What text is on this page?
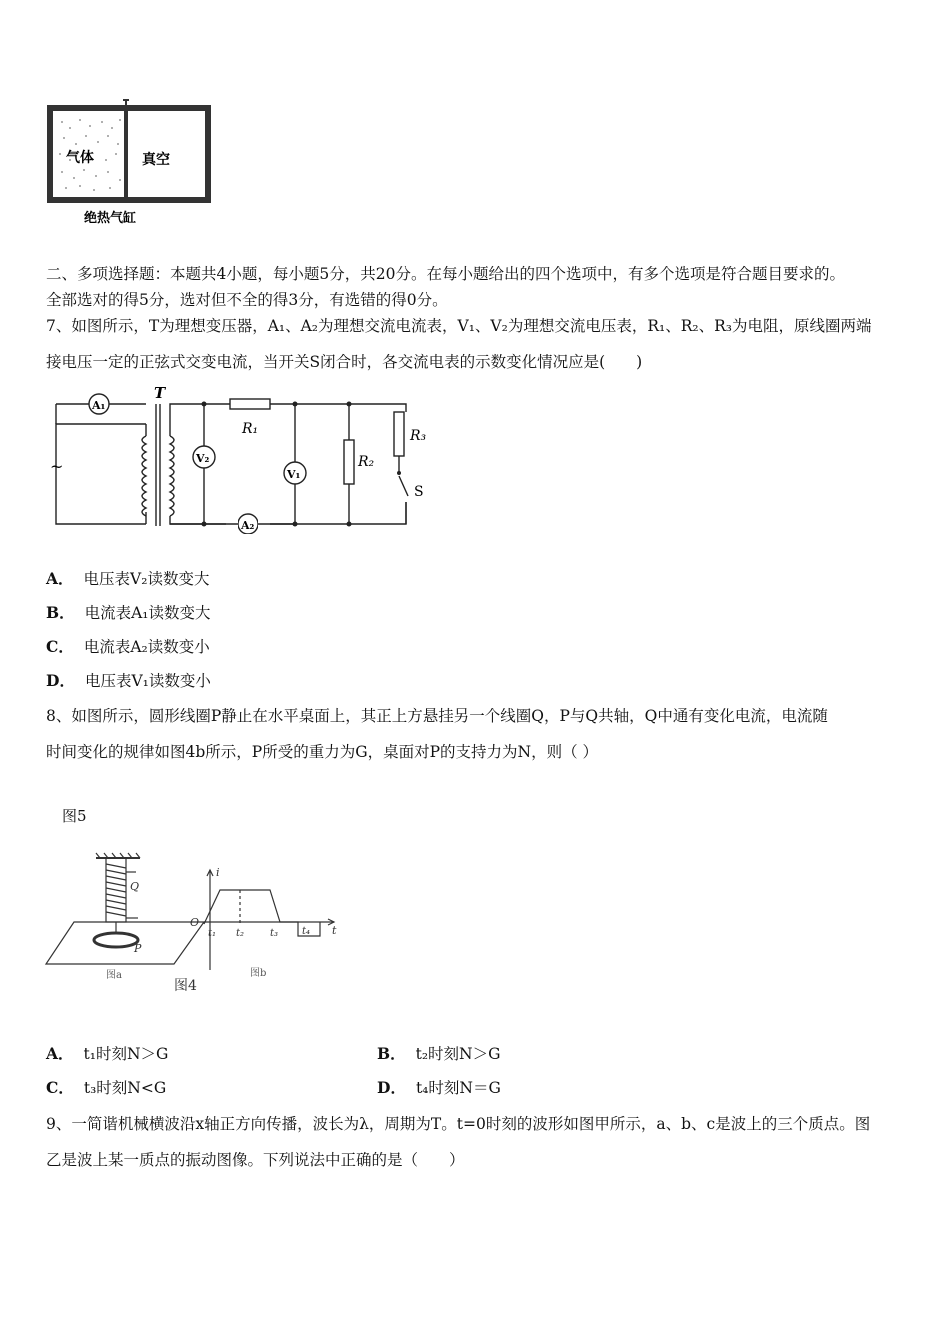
气体	真空
绝热气缸
二、多项选择题：本题共4小题，每小题5分，共20分。在每小题给出的四个选项中，有多个选项是符合题目要求的。
全部选对的得5分，选对但不全的得3分，有选错的得0分。
7、如图所示，T为理想变压器，A₁、A₂为理想交流电流表，V₁、V₂为理想交流电压表，R₁、R₂、R₃为电阻，原线圈两端
接电压一定的正弦式交变电流，当开关S闭合时，各交流电表的示数变化情况应是(　　)
A₁
V₂
V₁
A₂
T
R₁
R₂
R₃
S
~
A． 电压表V₂读数变大
B． 电流表A₁读数变大
C． 电流表A₂读数变小
D． 电压表V₁读数变小
8、如图所示，圆形线圈P静止在水平桌面上，其正上方悬挂另一个线圈Q，P与Q共轴，Q中通有变化电流，电流随
时间变化的规律如图4b所示，P所受的重力为G，桌面对P的支持力为N，则（ ）
图5
Q
P
i
t
O
t₁ t₂	t₃ t₄
图a	图b
图4
A． t₁时刻N＞G	B． t₂时刻N＞G
C． t₃时刻N<G	D． t₄时刻N＝G
9、一简谐机械横波沿x轴正方向传播，波长为λ，周期为T。t=0时刻的波形如图甲所示，a、b、c是波上的三个质点。图
乙是波上某一质点的振动图像。下列说法中正确的是（　　）
